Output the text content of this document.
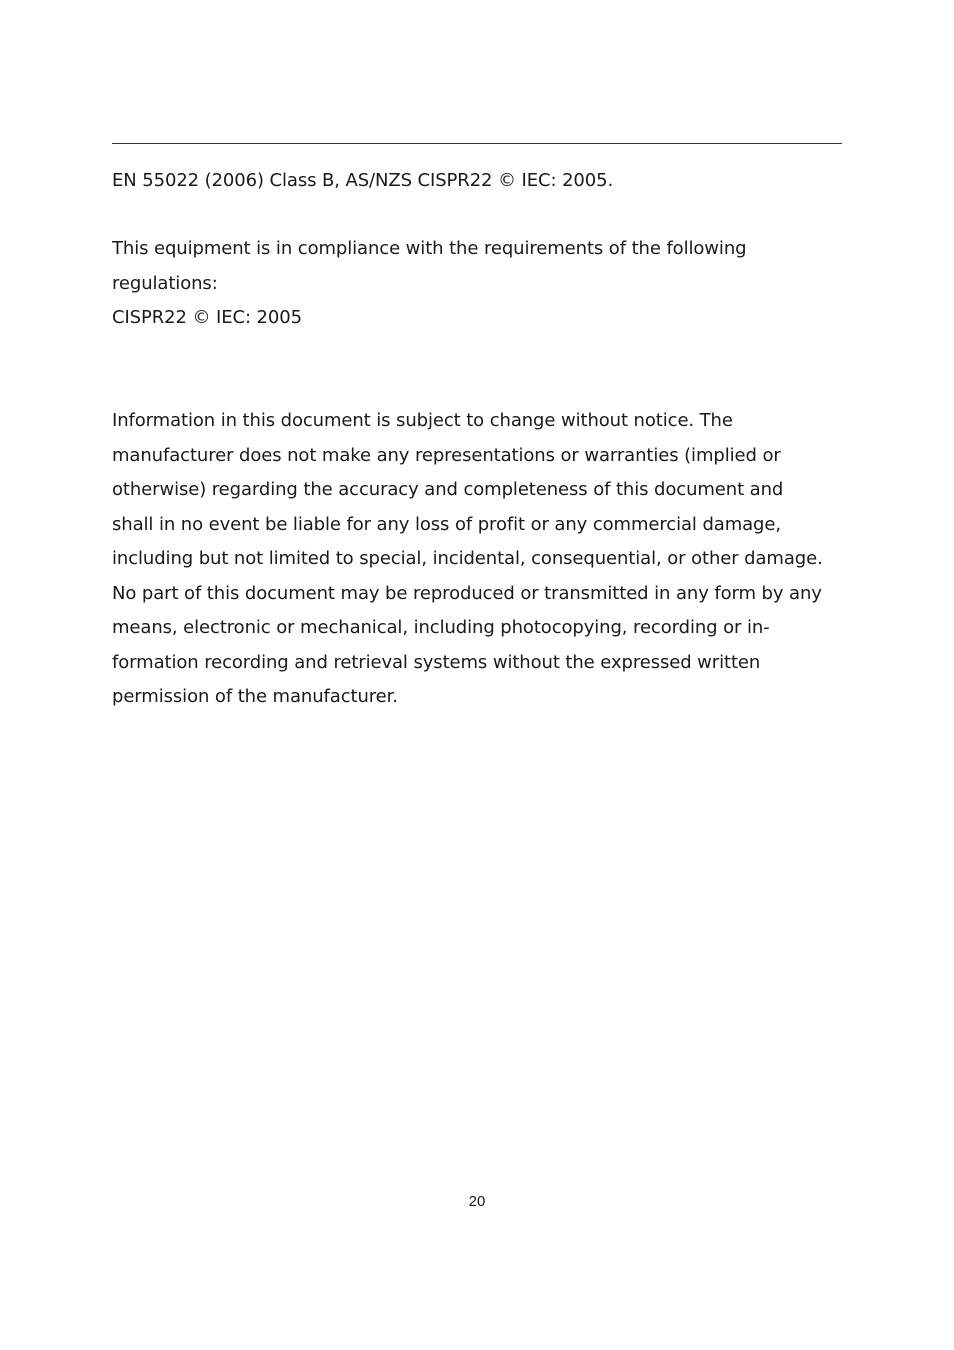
EN 55022 (2006) Class B, AS/NZS CISPR22 © IEC: 2005.
This equipment is in compliance with the requirements of the following
regulations:
CISPR22 © IEC: 2005
Information in this document is subject to change without notice. The
manufacturer does not make any representations or warranties (implied or
otherwise) regarding the accuracy and completeness of this document and
shall in no event be liable for any loss of profit or any commercial damage,
including but not limited to special, incidental, consequential, or other damage.
No part of this document may be reproduced or transmitted in any form by any
means, electronic or mechanical, including photocopying, recording or in-
formation recording and retrieval systems without the expressed written
permission of the manufacturer.
20
